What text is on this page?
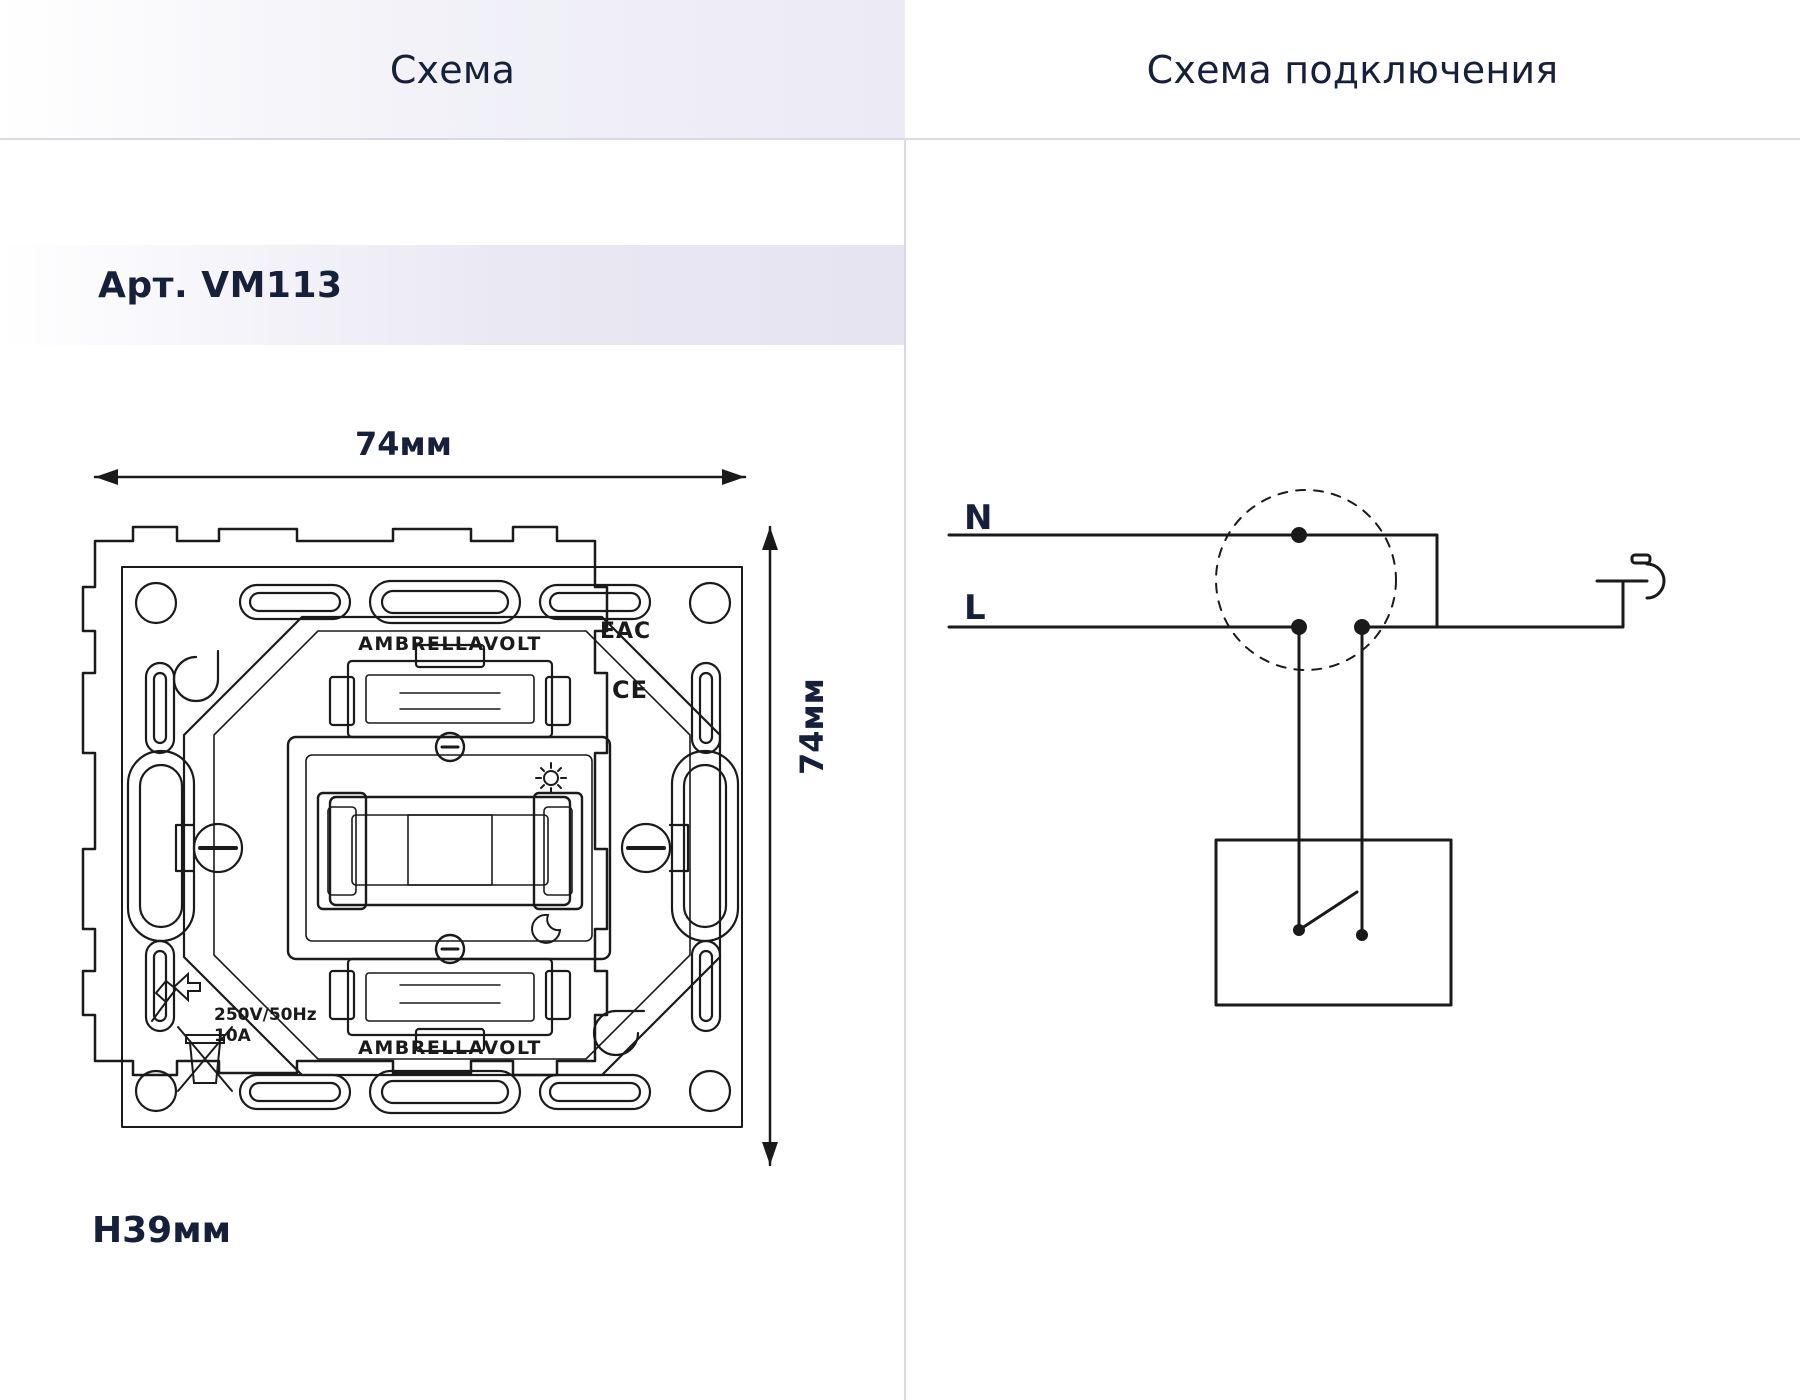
Схема	Схема подключения
Арт. VM113
74мм
74мм
H39мм
AMBRELLAVOLT
AMBRELLAVOLT
250V/50Hz
10A
EAC
CE
N
L
